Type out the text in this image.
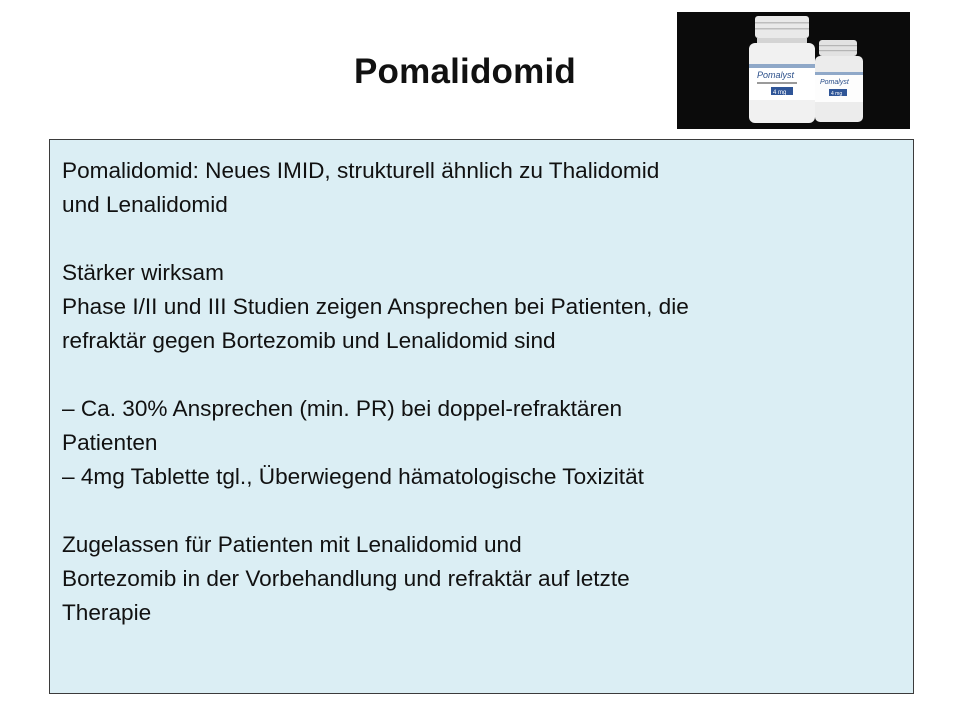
Pomalidomid	Pomalyst
4 mg
Pomalyst
4 mg

Pomalidomid: Neues IMID, strukturell ähnlich zu Thalidomid

und Lenalidomid

Stärker wirksam

Phase I/II und III Studien zeigen Ansprechen bei Patienten, die

refraktär gegen Bortezomib und Lenalidomid sind

– Ca. 30% Ansprechen (min. PR) bei doppel-refraktären

Patienten

– 4mg Tablette tgl., Überwiegend hämatologische Toxizität

Zugelassen für Patienten mit Lenalidomid und

Bortezomib in der Vorbehandlung und refraktär auf letzte

Therapie
